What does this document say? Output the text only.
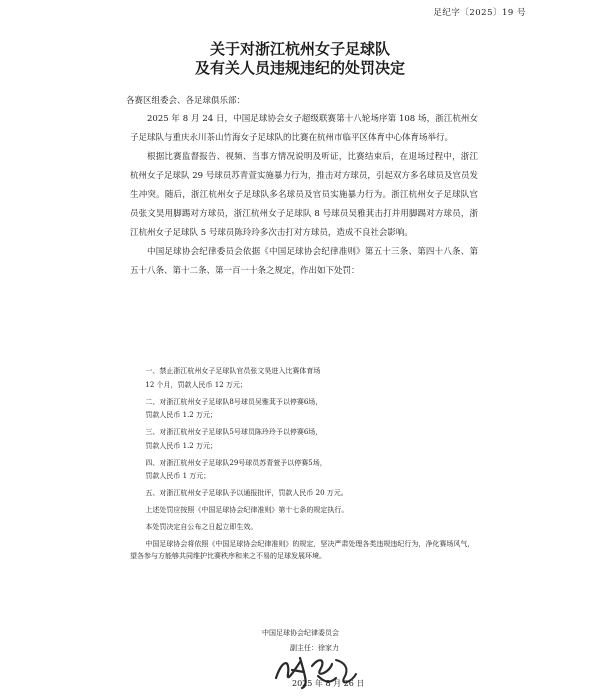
足纪字〔2025〕19 号
关于对浙江杭州女子足球队
及有关人员违规违纪的处罚决定
各赛区组委会、各足球俱乐部：

2025 年 8 月 24 日，中国足球协会女子超级联赛第十八轮场序第 108 场，浙江杭州女子足球队与重庆永川茶山竹海女子足球队的比赛在杭州市临平区体育中心体育场举行。

根据比赛监督报告、视频、当事方情况说明及听证，比赛结束后，在退场过程中，浙江杭州女子足球队 29 号球员苏青萱实施暴力行为，推击对方球员，引起双方多名球员及官员发生冲突。随后，浙江杭州女子足球队多名球员及官员实施暴力行为。浙江杭州女子足球队官员张文昊用脚踢对方球员，浙江杭州女子足球队 8 号球员吴雅萁击打并用脚踢对方球员，浙江杭州女子足球队 5 号球员陈玲玲多次击打对方球员，造成不良社会影响。

中国足球协会纪律委员会依据《中国足球协会纪律准则》第五十三条、第四十八条、第五十八条、第十二条、第一百一十条之规定，作出如下处罚：

一、禁止浙江杭州女子足球队官员张文昊进入比赛体育场

12 个月，罚款人民币 12 万元；

二、对浙江杭州女子足球队8号球员吴雅萁予以停赛6场，

罚款人民币 1.2 万元；

三、对浙江杭州女子足球队5号球员陈玲玲予以停赛6场，

罚款人民币 1.2 万元；

四、对浙江杭州女子足球队29号球员苏青萱予以停赛5场，

罚款人民币 1 万元；

五、对浙江杭州女子足球队予以通报批评，罚款人民币 20 万元。

上述处罚应按照《中国足球协会纪律准则》第十七条的规定执行。

本处罚决定自公布之日起立即生效。

中国足球协会将依照《中国足球协会纪律准则》的规定，坚决严肃处理各类违规违纪行为，净化赛场风气，望各参与方能够共同维护比赛秩序和来之不易的足球发展环境。

中国足球协会纪律委员会
副主任：徐家力
2025 年 8 月 26 日
